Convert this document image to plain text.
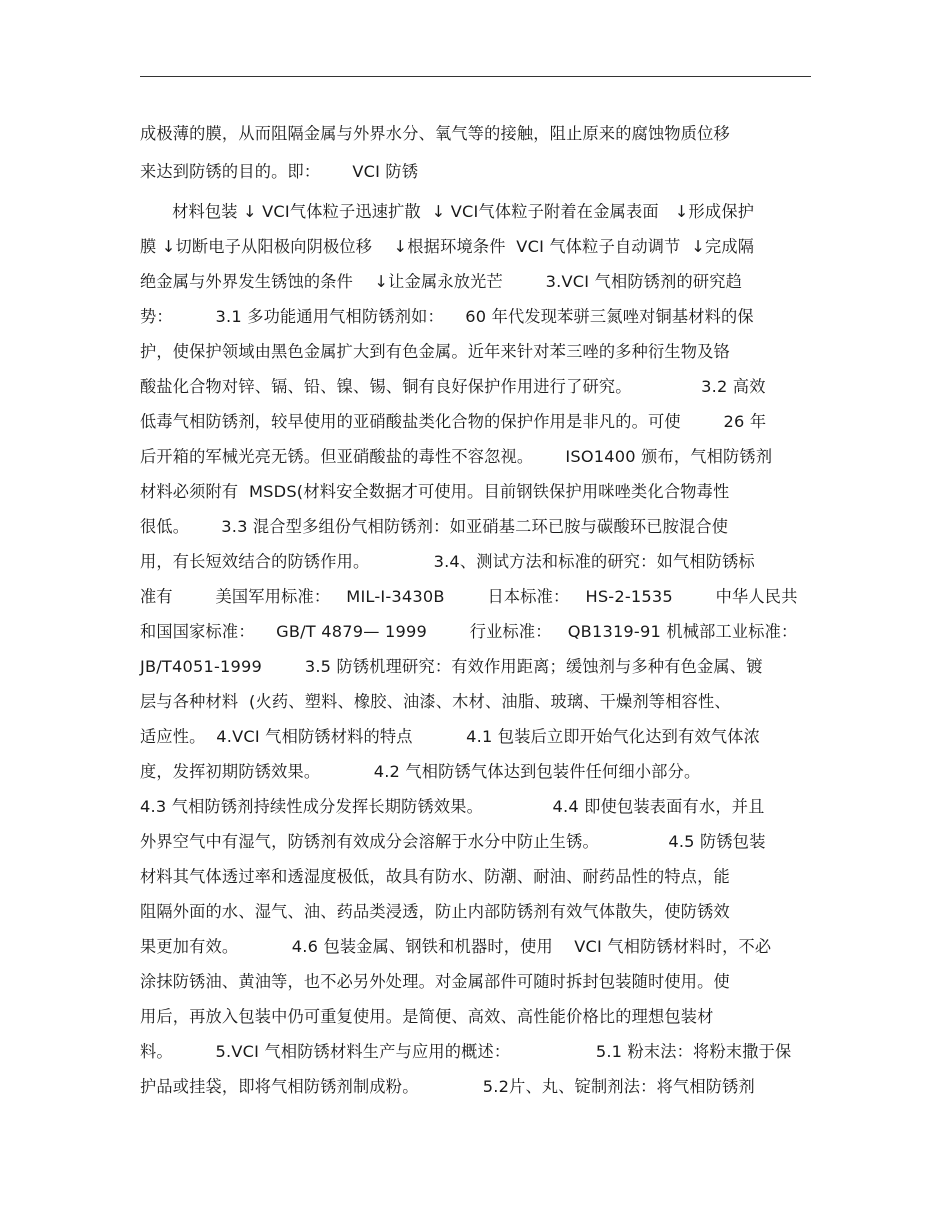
成极薄的膜，从而阻隔金属与外界水分、氧气等的接触，阻止原来的腐蚀物质位移
来达到防锈的目的。即：      VCI 防锈
材料包装 ↓ VCI气体粒子迅速扩散  ↓ VCI气体粒子附着在金属表面   ↓形成保护
膜 ↓切断电子从阳极向阴极位移    ↓根据环境条件  VCI 气体粒子自动调节  ↓完成隔
绝金属与外界发生锈蚀的条件    ↓让金属永放光芒        3.VCI 气相防锈剂的研究趋
势：        3.1 多功能通用气相防锈剂如：    60 年代发现苯骈三氮唑对铜基材料的保
护，使保护领域由黑色金属扩大到有色金属。近年来针对苯三唑的多种衍生物及铬
酸盐化合物对锌、镉、铅、镍、锡、铜有良好保护作用进行了研究。             3.2 高效
低毒气相防锈剂，较早使用的亚硝酸盐类化合物的保护作用是非凡的。可使        26 年
后开箱的军械光亮无锈。但亚硝酸盐的毒性不容忽视。      ISO1400 颁布，气相防锈剂
材料必须附有  MSDS(材料安全数据才可使用。目前钢铁保护用咪唑类化合物毒性
很低。      3.3 混合型多组份气相防锈剂：如亚硝基二环已胺与碳酸环已胺混合使
用，有长短效结合的防锈作用。            3.4、测试方法和标准的研究：如气相防锈标
准有        美国军用标准：   MIL-I-3430B        日本标准：   HS-2-1535        中华人民共
和国国家标准：    GB/T 4879— 1999        行业标准：   QB1319-91 机械部工业标准：
JB/T4051-1999        3.5 防锈机理研究：有效作用距离；缓蚀剂与多种有色金属、镀
层与各种材料  (火药、塑料、橡胶、油漆、木材、油脂、玻璃、干燥剂等相容性、
适应性。  4.VCI 气相防锈材料的特点          4.1 包装后立即开始气化达到有效气体浓
度，发挥初期防锈效果。          4.2 气相防锈气体达到包装件任何细小部分。
4.3 气相防锈剂持续性成分发挥长期防锈效果。             4.4 即使包装表面有水，并且
外界空气中有湿气，防锈剂有效成分会溶解于水分中防止生锈。             4.5 防锈包装
材料其气体透过率和透湿度极低，故具有防水、防潮、耐油、耐药品性的特点，能
阻隔外面的水、湿气、油、药品类浸透，防止内部防锈剂有效气体散失，使防锈效
果更加有效。          4.6 包装金属、钢铁和机器时，使用    VCI 气相防锈材料时，不必
涂抹防锈油、黄油等，也不必另外处理。对金属部件可随时拆封包装随时使用。使
用后，再放入包装中仍可重复使用。是简便、高效、高性能价格比的理想包装材
料。        5.VCI 气相防锈材料生产与应用的概述：                5.1 粉末法：将粉末撒于保
护品或挂袋，即将气相防锈剂制成粉。            5.2片、丸、锭制剂法：将气相防锈剂
